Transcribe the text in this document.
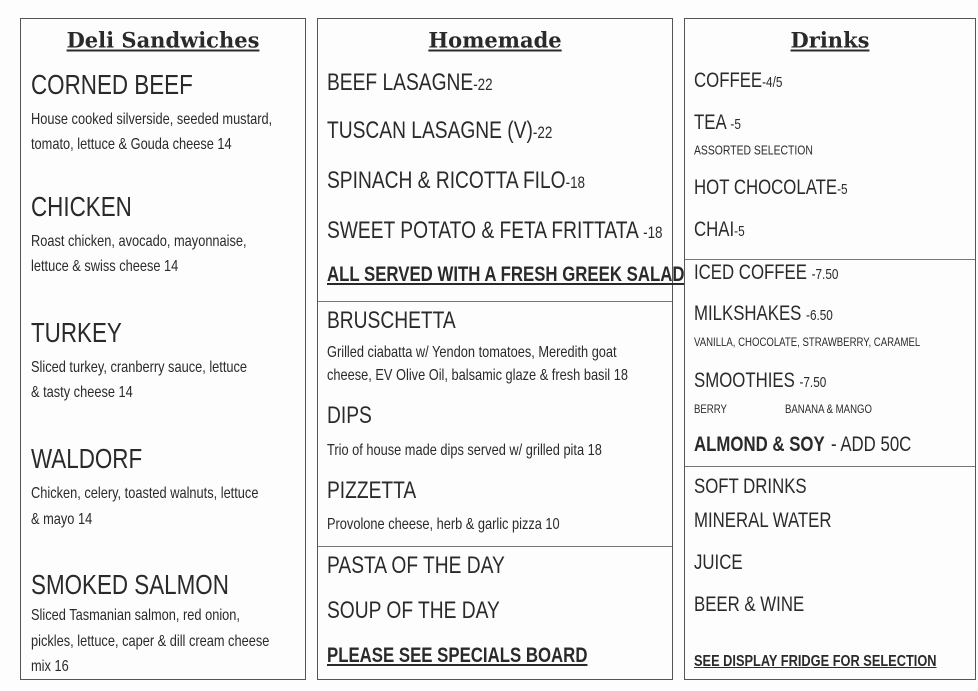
Deli Sandwiches
CORNED BEEF
House cooked silverside, seeded mustard,
tomato, lettuce & Gouda cheese 14
CHICKEN
Roast chicken, avocado, mayonnaise,
lettuce & swiss cheese 14
TURKEY
Sliced turkey, cranberry sauce, lettuce
& tasty cheese 14
WALDORF
Chicken, celery, toasted walnuts, lettuce
& mayo 14
SMOKED SALMON
Sliced Tasmanian salmon, red onion,
pickles, lettuce, caper & dill cream cheese
mix 16
Homemade
BEEF LASAGNE-22
TUSCAN LASAGNE (V)-22
SPINACH & RICOTTA FILO-18
SWEET POTATO & FETA FRITTATA -18
ALL SERVED WITH A FRESH GREEK SALAD
BRUSCHETTA
Grilled ciabatta w/ Yendon tomatoes, Meredith goat
cheese, EV Olive Oil, balsamic glaze & fresh basil 18
DIPS
Trio of house made dips served w/ grilled pita 18
PIZZETTA
Provolone cheese, herb & garlic pizza 10
PASTA OF THE DAY
SOUP OF THE DAY
PLEASE SEE SPECIALS BOARD
Drinks
COFFEE-4/5
TEA -5
ASSORTED SELECTION
HOT CHOCOLATE-5
CHAI-5
ICED COFFEE -7.50
MILKSHAKES -6.50
VANILLA, CHOCOLATE, STRAWBERRY, CARAMEL
SMOOTHIES -7.50
BERRY	BANANA & MANGO
ALMOND & SOY - ADD 50C
SOFT DRINKS
MINERAL WATER
JUICE
BEER & WINE
SEE DISPLAY FRIDGE FOR SELECTION
